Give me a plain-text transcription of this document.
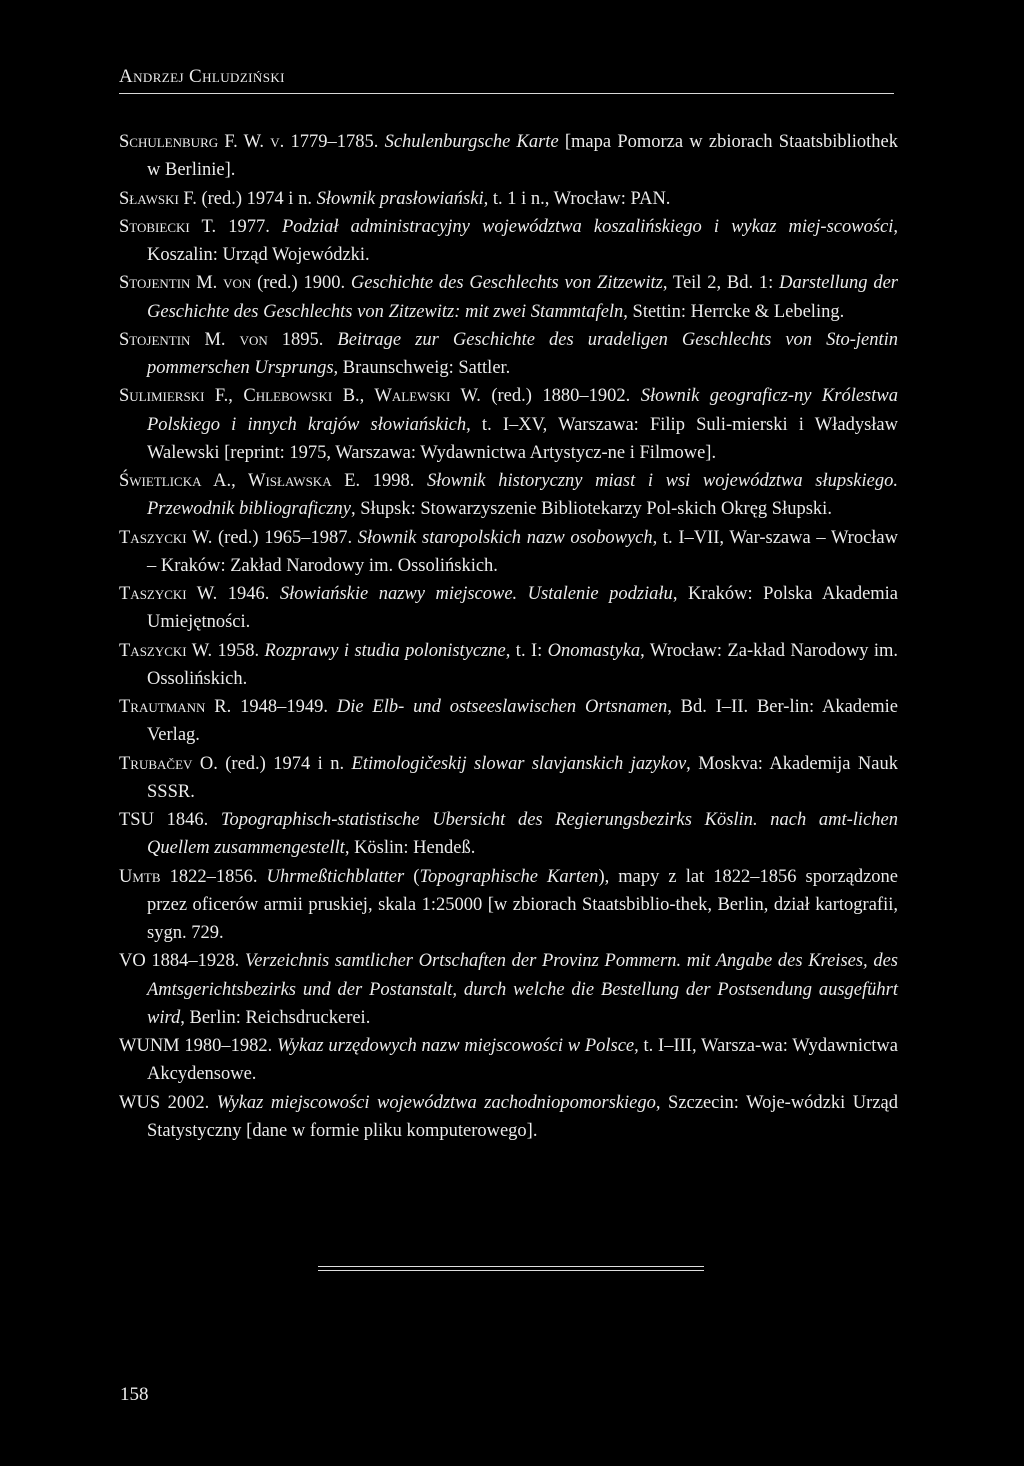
Andrzej Chludziński
Schulenburg F. W. v. 1779–1785. Schulenburgsche Karte [mapa Pomorza w zbiorach Staatsbibliothek w Berlinie].
Sławski F. (red.) 1974 i n. Słownik prasłowiański, t. 1 i n., Wrocław: PAN.
Stobiecki T. 1977. Podział administracyjny województwa koszalińskiego i wykaz miej-scowości, Koszalin: Urząd Wojewódzki.
Stojentin M. von (red.) 1900. Geschichte des Geschlechts von Zitzewitz, Teil 2, Bd. 1: Darstellung der Geschichte des Geschlechts von Zitzewitz: mit zwei Stammtafeln, Stettin: Herrcke & Lebeling.
Stojentin M. von 1895. Beitrage zur Geschichte des uradeligen Geschlechts von Sto-jentin pommerschen Ursprungs, Braunschweig: Sattler.
Sulimierski F., Chlebowski B., Walewski W. (red.) 1880–1902. Słownik geograficz-ny Królestwa Polskiego i innych krajów słowiańskich, t. I–XV, Warszawa: Filip Suli-mierski i Władysław Walewski [reprint: 1975, Warszawa: Wydawnictwa Artystycz-ne i Filmowe].
Świetlicka A., Wisławska E. 1998. Słownik historyczny miast i wsi województwa słupskiego. Przewodnik bibliograficzny, Słupsk: Stowarzyszenie Bibliotekarzy Pol-skich Okręg Słupski.
Taszycki W. (red.) 1965–1987. Słownik staropolskich nazw osobowych, t. I–VII, War-szawa – Wrocław – Kraków: Zakład Narodowy im. Ossolińskich.
Taszycki W. 1946. Słowiańskie nazwy miejscowe. Ustalenie podziału, Kraków: Polska Akademia Umiejętności.
Taszycki W. 1958. Rozprawy i studia polonistyczne, t. I: Onomastyka, Wrocław: Za-kład Narodowy im. Ossolińskich.
Trautmann R. 1948–1949. Die Elb- und ostseeslawischen Ortsnamen, Bd. I–II. Ber-lin: Akademie Verlag.
Trubačev O. (red.) 1974 i n. Etimologičeskij slowar slavjanskich jazykov, Moskva: Akademija Nauk SSSR.
TSU 1846. Topographisch-statistische Ubersicht des Regierungsbezirks Köslin. nach amt-lichen Quellem zusammengestellt, Köslin: Hendeß.
Umtb 1822–1856. Uhrmeßtichblatter (Topographische Karten), mapy z lat 1822–1856 sporządzone przez oficerów armii pruskiej, skala 1:25000 [w zbiorach Staatsbiblio-thek, Berlin, dział kartografii, sygn. 729.
VO 1884–1928. Verzeichnis samtlicher Ortschaften der Provinz Pommern. mit Angabe des Kreises, des Amtsgerichtsbezirks und der Postanstalt, durch welche die Bestellung der Postsendung ausgeführt wird, Berlin: Reichsdruckerei.
WUNM 1980–1982. Wykaz urzędowych nazw miejscowości w Polsce, t. I–III, Warsza-wa: Wydawnictwa Akcydensowe.
WUS 2002. Wykaz miejscowości województwa zachodniopomorskiego, Szczecin: Woje-wódzki Urząd Statystyczny [dane w formie pliku komputerowego].
158
